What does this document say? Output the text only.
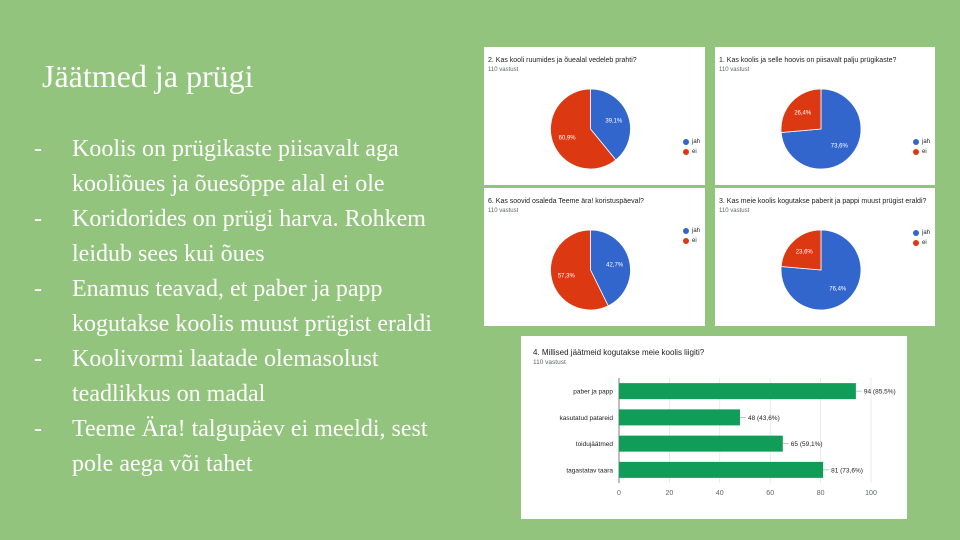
Jäätmed ja prügi
- Koolis on prügikaste piisavalt aga kooliõues ja õuesõppe alal ei ole
- Koridorides on prügi harva. Rohkem leidub sees kui õues
- Enamus teavad, et paber ja papp kogutakse koolis muust prügist eraldi
- Koolivormi laatade olemasolust teadlikkus on madal
- Teeme Ära! talgupäev ei meeldi, sest pole aega või tahet
2. Kas kooli ruumides ja õuealal vedeleb prahti?
110 vastust
39,1%
60,9%
jah
ei
1. Kas koolis ja selle hoovis on piisavalt palju prügikaste?
110 vastust
73,6%
26,4%
jah
ei
6. Kas soovid osaleda Teeme ära! koristuspäeval?
110 vastust
42,7%
57,3%
jah
ei
3. Kas meie koolis kogutakse paberit ja pappi muust prügist eraldi?
110 vastust
76,4%
23,6%
jah
ei
4. Millised jäätmeid kogutakse meie koolis liigiti?
110 vastust
0	20	40	60	80	100
paber ja papp	94 (85,5%)
kasutatud patareid	48 (43,6%)
toidujäätmed	65 (59,1%)
tagastatav taara	81 (73,6%)
